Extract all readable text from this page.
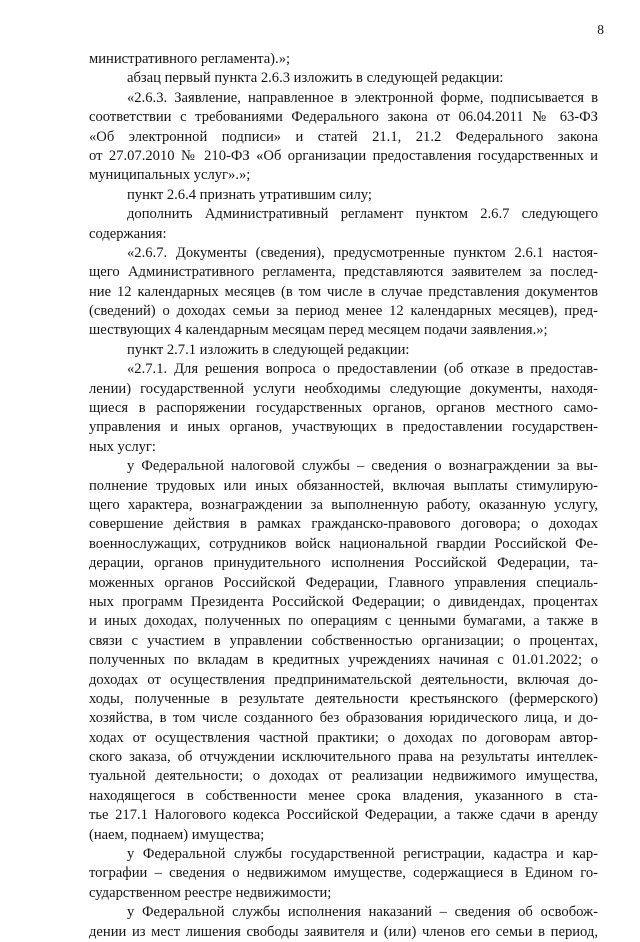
8
министративного регламента).»;
абзац первый пункта 2.6.3 изложить в следующей редакции:
«2.6.3. Заявление, направленное в электронной форме, подписывается в
соответствии с требованиями Федерального закона от 06.04.2011 № 63-ФЗ
«Об электронной подписи» и статей 21.1, 21.2 Федерального закона
от 27.07.2010 № 210-ФЗ «Об организации предоставления государственных и
муниципальных услуг».»;
пункт 2.6.4 признать утратившим силу;
дополнить Административный регламент пунктом 2.6.7 следующего
содержания:
«2.6.7. Документы (сведения), предусмотренные пунктом 2.6.1 настоя-
щего Административного регламента, представляются заявителем за послед-
ние 12 календарных месяцев (в том числе в случае представления документов
(сведений) о доходах семьи за период менее 12 календарных месяцев), пред-
шествующих 4 календарным месяцам перед месяцем подачи заявления.»;
пункт 2.7.1 изложить в следующей редакции:
«2.7.1. Для решения вопроса о предоставлении (об отказе в предостав-
лении) государственной услуги необходимы следующие документы, находя-
щиеся в распоряжении государственных органов, органов местного само-
управления и иных органов, участвующих в предоставлении государствен-
ных услуг:
у Федеральной налоговой службы – сведения о вознаграждении за вы-
полнение трудовых или иных обязанностей, включая выплаты стимулирую-
щего характера, вознаграждении за выполненную работу, оказанную услугу,
совершение действия в рамках гражданско-правового договора; о доходах
военнослужащих, сотрудников войск национальной гвардии Российской Фе-
дерации, органов принудительного исполнения Российской Федерации, та-
моженных органов Российской Федерации, Главного управления специаль-
ных программ Президента Российской Федерации; о дивидендах, процентах
и иных доходах, полученных по операциям с ценными бумагами, а также в
связи с участием в управлении собственностью организации; о процентах,
полученных по вкладам в кредитных учреждениях начиная с 01.01.2022; о
доходах от осуществления предпринимательской деятельности, включая до-
ходы, полученные в результате деятельности крестьянского (фермерского)
хозяйства, в том числе созданного без образования юридического лица, и до-
ходах от осуществления частной практики; о доходах по договорам автор-
ского заказа, об отчуждении исключительного права на результаты интеллек-
туальной деятельности; о доходах от реализации недвижимого имущества,
находящегося в собственности менее срока владения, указанного в ста-
тье 217.1 Налогового кодекса Российской Федерации, а также сдачи в аренду
(наем, поднаем) имущества;
у Федеральной службы государственной регистрации, кадастра и кар-
тографии – сведения о недвижимом имуществе, содержащиеся в Едином го-
сударственном реестре недвижимости;
у Федеральной службы исполнения наказаний – сведения об освобож-
дении из мест лишения свободы заявителя и (или) членов его семьи в период,
